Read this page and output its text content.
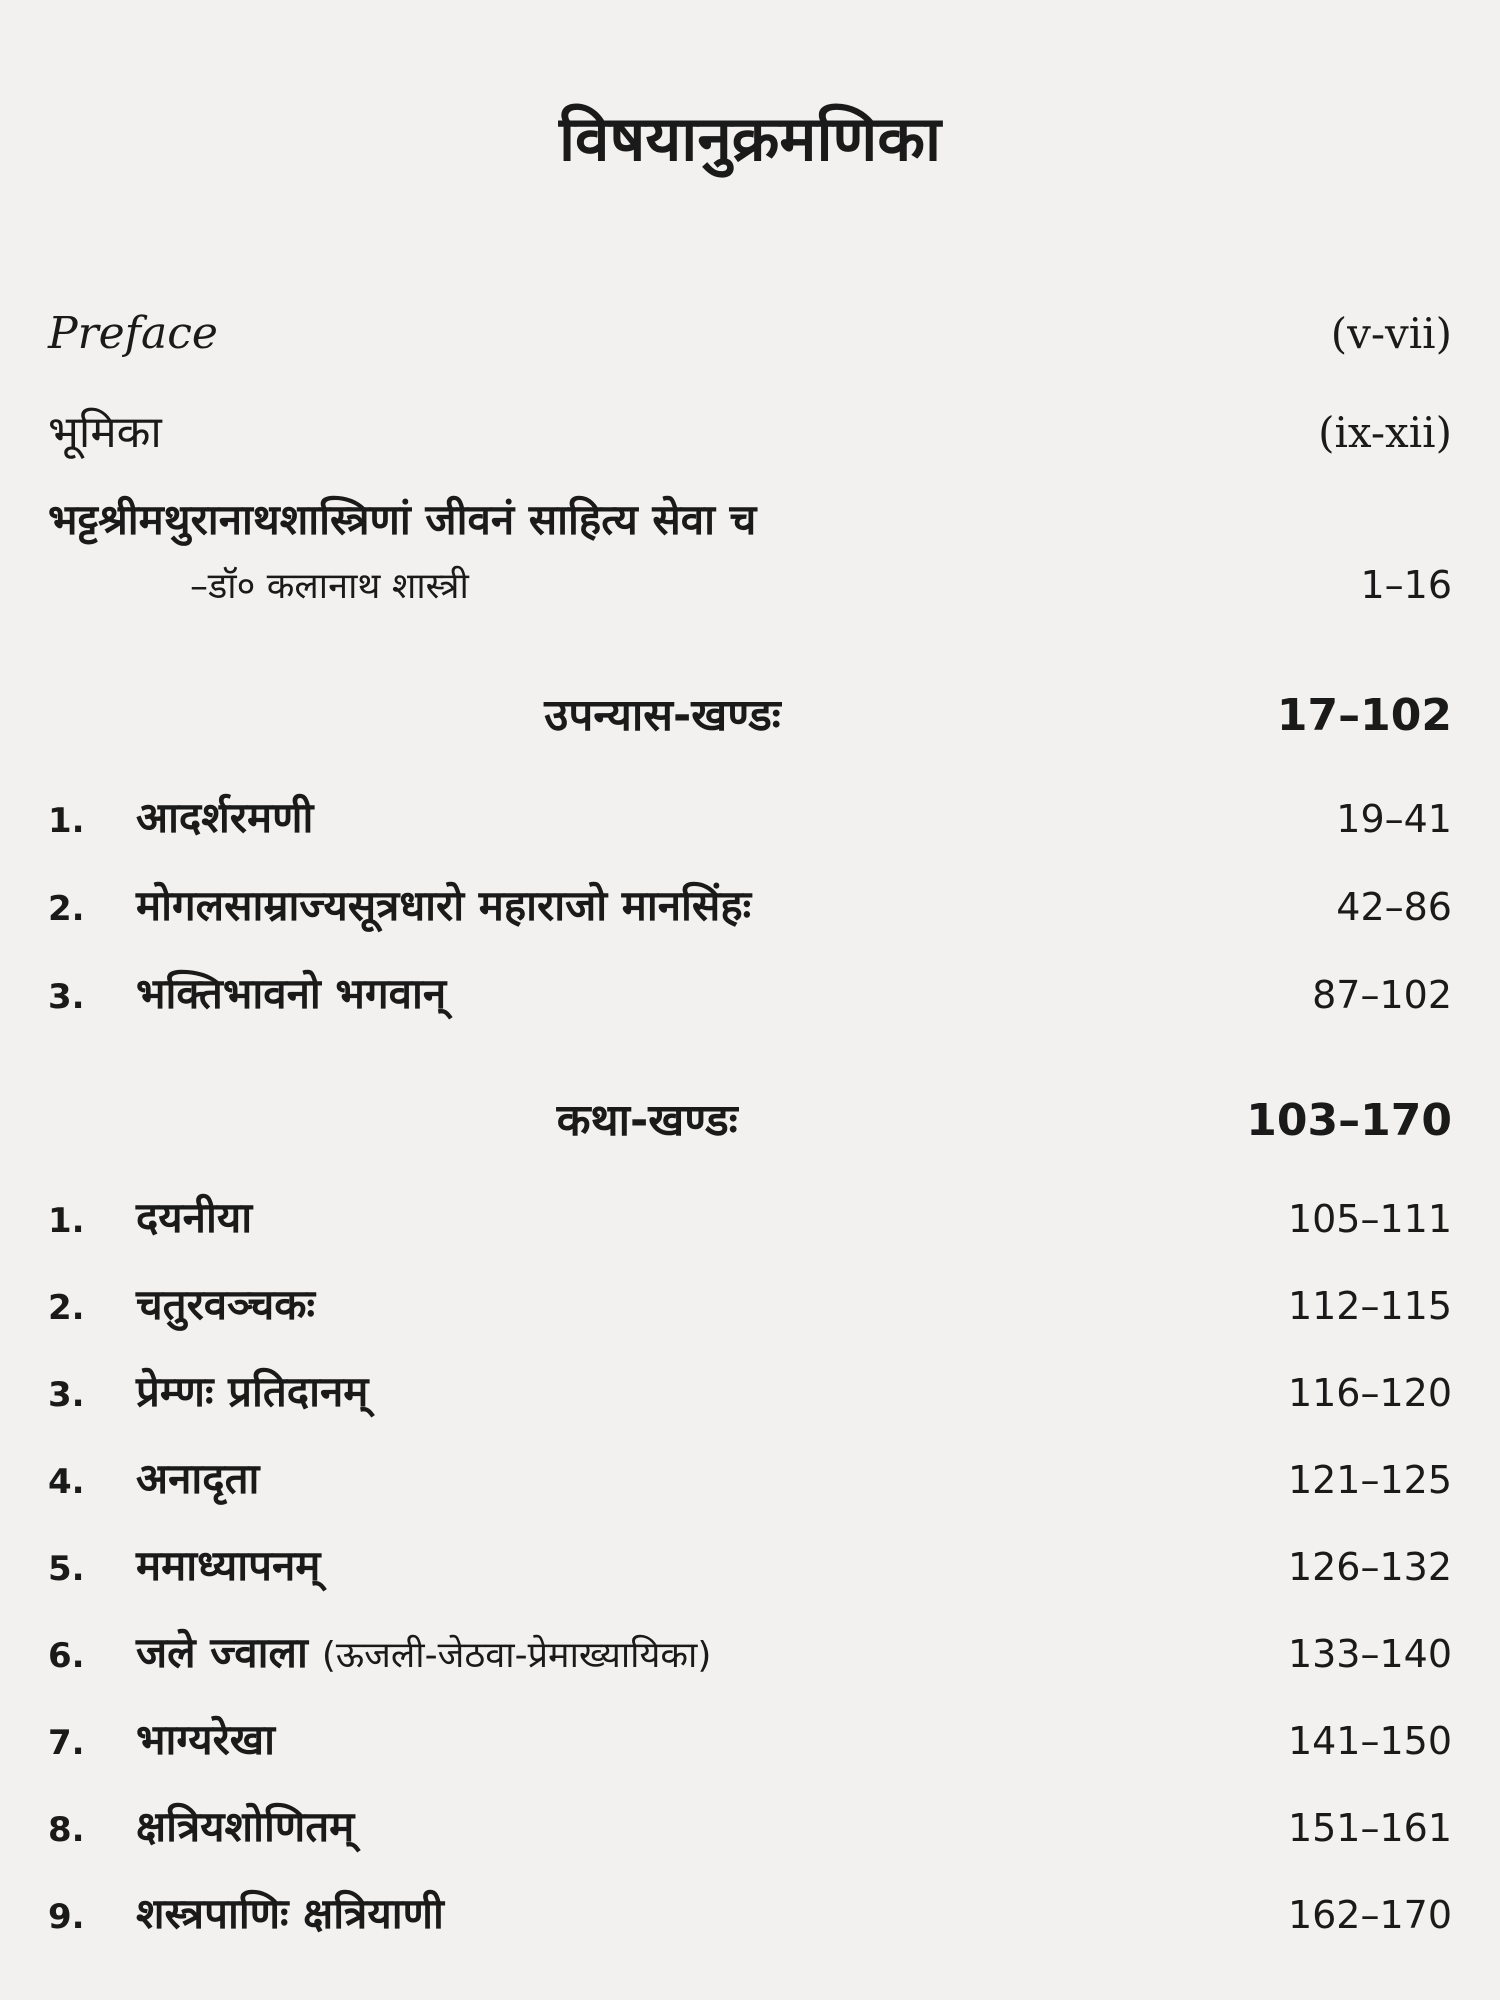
विषयानुक्रमणिका
Preface	(v-vii)
भूमिका	(ix-xii)
भट्टश्रीमथुरानाथशास्त्रिणां जीवनं साहित्य सेवा च
–डॉ० कलानाथ शास्त्री	1–16
उपन्यास-खण्डः	17–102
1.	आदर्शरमणी	19–41
2.	मोगलसाम्राज्यसूत्रधारो महाराजो मानसिंहः	42–86
3.	भक्तिभावनो भगवान्	87–102
कथा-खण्डः	103–170
1.	दयनीया	105–111
2.	चतुरवञ्चकः	112–115
3.	प्रेम्णः प्रतिदानम्	116–120
4.	अनादृता	121–125
5.	ममाध्यापनम्	126–132
6.	जले ज्वाला (ऊजली-जेठवा-प्रेमाख्यायिका)	133–140
7.	भाग्यरेखा	141–150
8.	क्षत्रियशोणितम्	151–161
9.	शस्त्रपाणिः क्षत्रियाणी	162–170
